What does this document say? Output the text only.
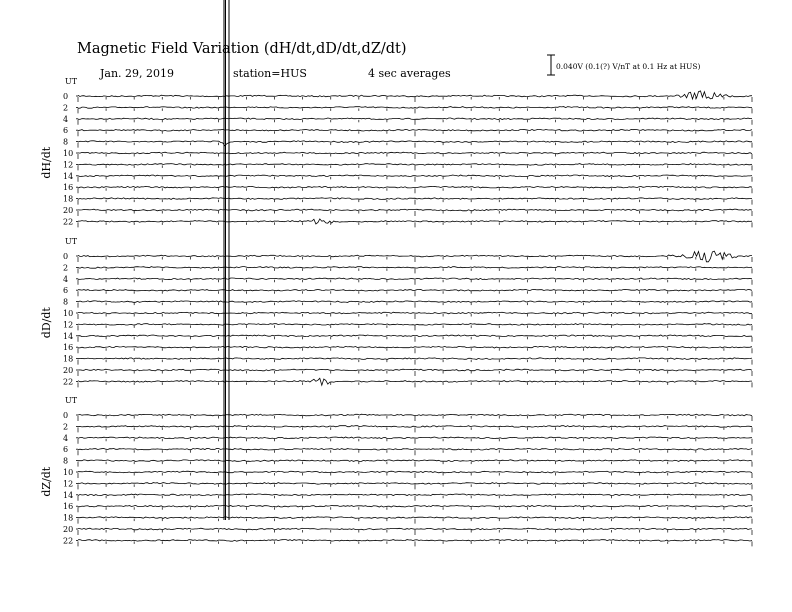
Magnetic Field Variation (dH/dt,dD/dt,dZ/dt)
Jan. 29, 2019	station=HUS	4 sec averages
0.040V (0.1(?) V/nT at 0.1 Hz at HUS)
UT
dH/dt
0
2
4
6
8
10
12
14
16
18
20
22
UT
dD/dt
0
2
4
6
8
10
12
14
16
18
20
22
UT
dZ/dt
0
2
4
6
8
10
12
14
16
18
20
22
